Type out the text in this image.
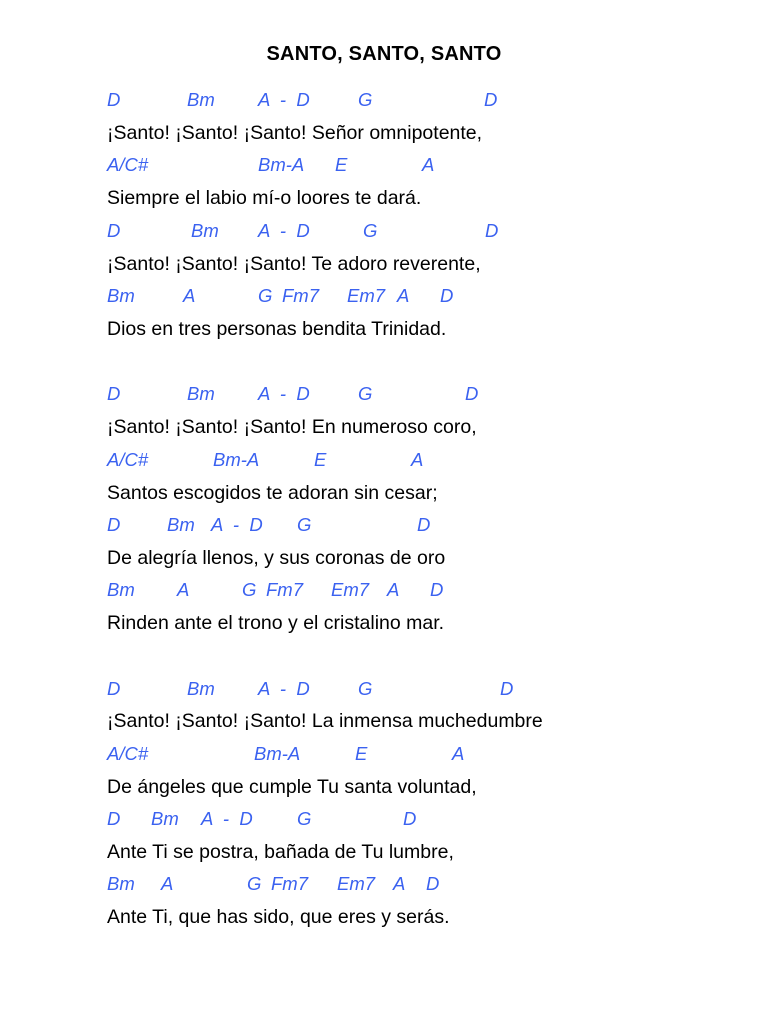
SANTO, SANTO, SANTO
D	Bm A  -  D	G	D
¡Santo! ¡Santo! ¡Santo! Señor omnipotente,
A/C#	Bm-A E	A
Siempre el labio mí-o loores te dará.
D	Bm A  -  D	G	D
¡Santo! ¡Santo! ¡Santo! Te adoro reverente,
Bm	A	G Fm7 Em7 A D
Dios en tres personas bendita Trinidad.
D	Bm A  -  D	G	D
¡Santo! ¡Santo! ¡Santo! En numeroso coro,
A/C#	Bm-A	E	A
Santos escogidos te adoran sin cesar;
D	Bm A  -  D G	D
De alegría llenos, y sus coronas de oro
Bm A	G Fm7 Em7 A D
Rinden ante el trono y el cristalino mar.
D	Bm A  -  D	G	D
¡Santo! ¡Santo! ¡Santo! La inmensa muchedumbre
A/C#	Bm-A	E	A
De ángeles que cumple Tu santa voluntad,
D Bm A  -  D G	D
Ante Ti se postra, bañada de Tu lumbre,
Bm A	G Fm7 Em7 A D
Ante Ti, que has sido, que eres y serás.
